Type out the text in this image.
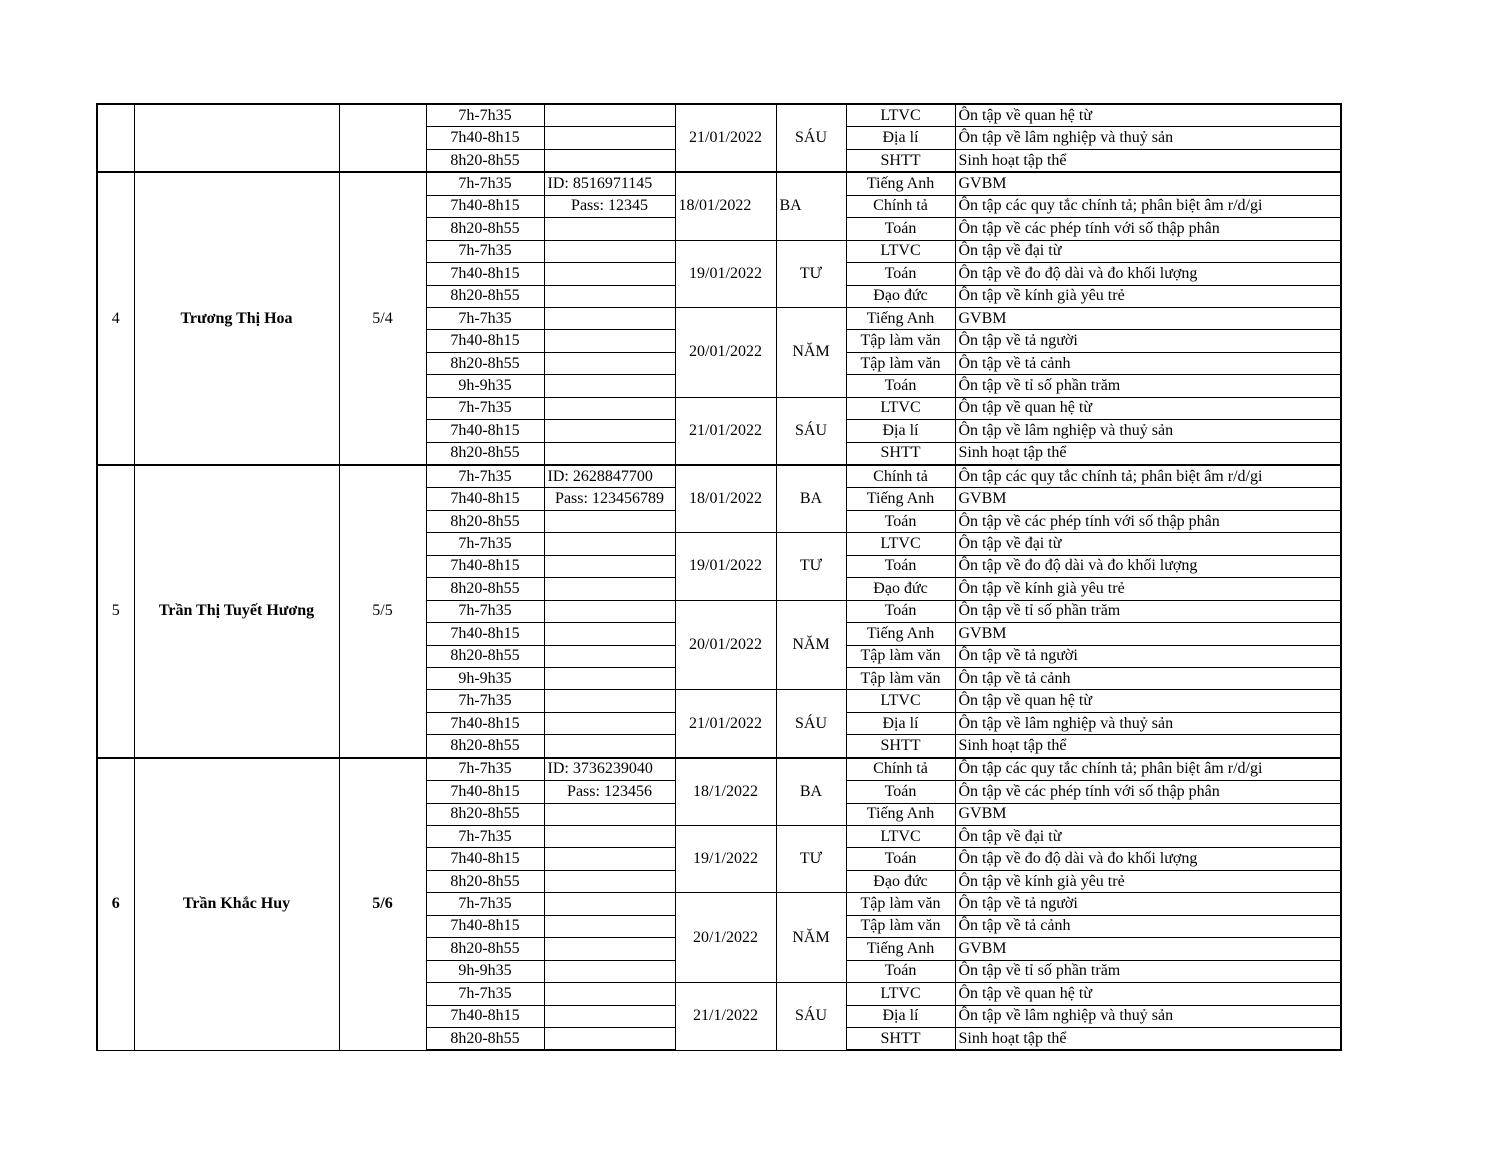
			7h-7h35		21/01/2022	SÁU	LTVC	Ôn tập về quan hệ từ
			7h40-8h15				Địa lí	Ôn tập về lâm nghiệp và thuỷ sản
			8h20-8h55				SHTT	Sinh hoạt tập thể
4	Trương Thị Hoa	5/4	7h-7h35	ID: 8516971145	18/01/2022	BA	Tiếng Anh	GVBM
			7h40-8h15	Pass: 12345			Chính tả	Ôn tập các quy tắc chính tả; phân biệt âm r/d/gi
			8h20-8h55				Toán	Ôn tập về các phép tính với số thập phân
			7h-7h35		19/01/2022	TƯ	LTVC	Ôn tập về đại từ
			7h40-8h15				Toán	Ôn tập về đo độ dài và đo khối lượng
			8h20-8h55				Đạo đức	Ôn tập về kính già yêu trẻ
			7h-7h35		20/01/2022	NĂM	Tiếng Anh	GVBM
			7h40-8h15				Tập làm văn	Ôn tập về tả người
			8h20-8h55				Tập làm văn	Ôn tập về tả cảnh
			9h-9h35				Toán	Ôn tập về tỉ số phần trăm
			7h-7h35		21/01/2022	SÁU	LTVC	Ôn tập về quan hệ từ
			7h40-8h15				Địa lí	Ôn tập về lâm nghiệp và thuỷ sản
			8h20-8h55				SHTT	Sinh hoạt tập thể
5	Trần Thị Tuyết Hương	5/5	7h-7h35	ID: 2628847700	18/01/2022	BA	Chính tả	Ôn tập các quy tắc chính tả; phân biệt âm r/d/gi
			7h40-8h15	Pass: 123456789			Tiếng Anh	GVBM
			8h20-8h55				Toán	Ôn tập về các phép tính với số thập phân
			7h-7h35		19/01/2022	TƯ	LTVC	Ôn tập về đại từ
			7h40-8h15				Toán	Ôn tập về đo độ dài và đo khối lượng
			8h20-8h55				Đạo đức	Ôn tập về kính già yêu trẻ
			7h-7h35		20/01/2022	NĂM	Toán	Ôn tập về tỉ số phần trăm
			7h40-8h15				Tiếng Anh	GVBM
			8h20-8h55				Tập làm văn	Ôn tập về tả người
			9h-9h35				Tập làm văn	Ôn tập về tả cảnh
			7h-7h35		21/01/2022	SÁU	LTVC	Ôn tập về quan hệ từ
			7h40-8h15				Địa lí	Ôn tập về lâm nghiệp và thuỷ sản
			8h20-8h55				SHTT	Sinh hoạt tập thể
6	Trần Khắc Huy	5/6	7h-7h35	ID: 3736239040	18/1/2022	BA	Chính tả	Ôn tập các quy tắc chính tả; phân biệt âm r/d/gi
			7h40-8h15	Pass: 123456			Toán	Ôn tập về các phép tính với số thập phân
			8h20-8h55				Tiếng Anh	GVBM
			7h-7h35		19/1/2022	TƯ	LTVC	Ôn tập về đại từ
			7h40-8h15				Toán	Ôn tập về đo độ dài và đo khối lượng
			8h20-8h55				Đạo đức	Ôn tập về kính già yêu trẻ
			7h-7h35		20/1/2022	NĂM	Tập làm văn	Ôn tập về tả người
			7h40-8h15				Tập làm văn	Ôn tập về tả cảnh
			8h20-8h55				Tiếng Anh	GVBM
			9h-9h35				Toán	Ôn tập về tỉ số phần trăm
			7h-7h35		21/1/2022	SÁU	LTVC	Ôn tập về quan hệ từ
			7h40-8h15				Địa lí	Ôn tập về lâm nghiệp và thuỷ sản
			8h20-8h55				SHTT	Sinh hoạt tập thể
